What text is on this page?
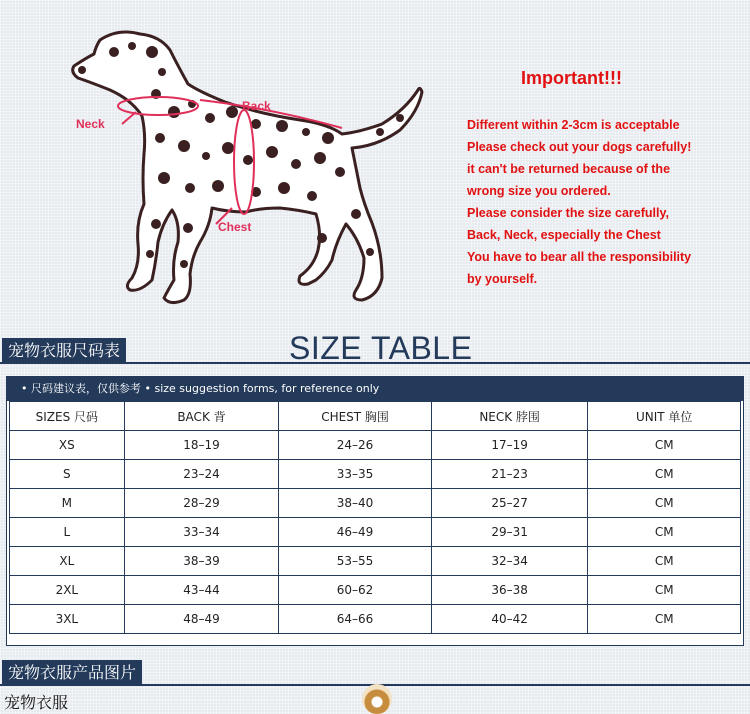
Neck
Back
Chest
Important!!!
Different within 2-3cm is acceptable
Please check out your dogs carefully!
it can't be returned because of the
wrong size you ordered.
Please consider the size carefully,
Back, Neck, especially the Chest
You have to bear all the responsibility
by yourself.
宠物衣服尺码表	SIZE TABLE
• 尺码建议表，仅供参考 • size suggestion forms, for reference only
SIZES 尺码	BACK 背	CHEST 胸围	NECK 脖围	UNIT 单位
XS	18–19	24–26	17–19	CM
S	23–24	33–35	21–23	CM
M	28–29	38–40	25–27	CM
L	33–34	46–49	29–31	CM
XL	38–39	53–55	32–34	CM
2XL	43–44	60–62	36–38	CM
3XL	48–49	64–66	40–42	CM
宠物衣服产品图片
宠物衣服
